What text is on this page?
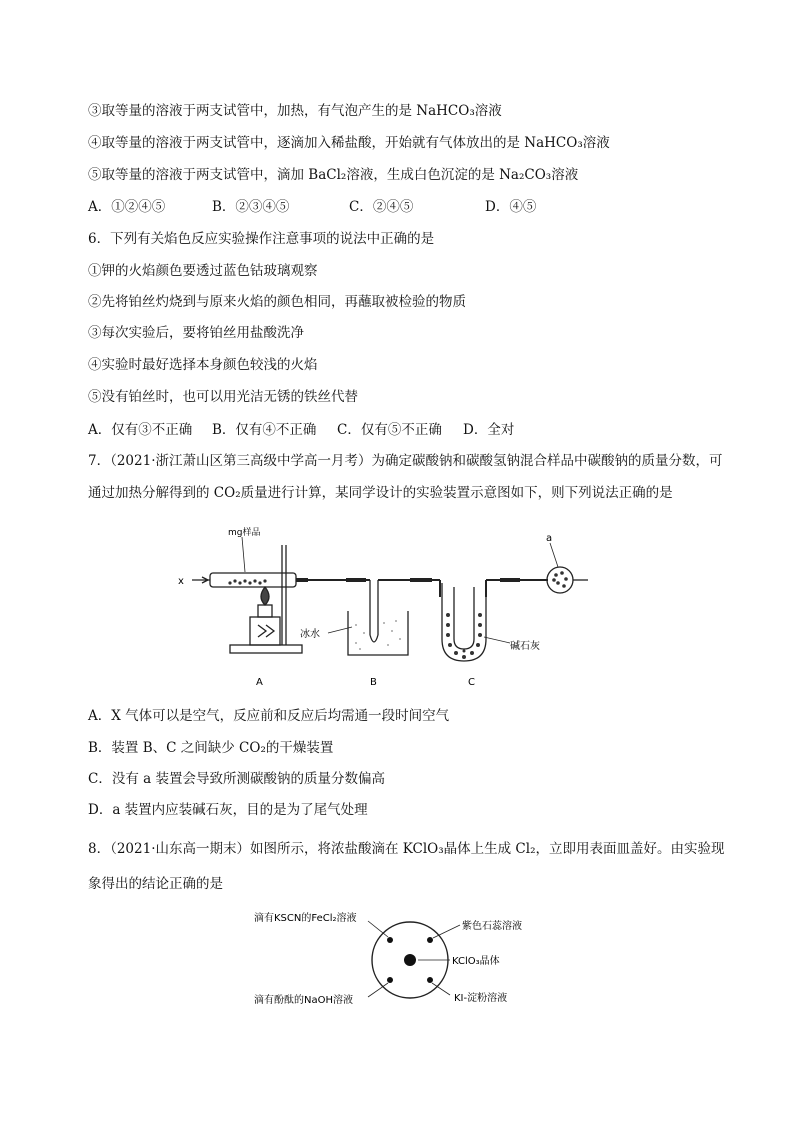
③取等量的溶液于两支试管中，加热，有气泡产生的是 NaHCO₃溶液
④取等量的溶液于两支试管中，逐滴加入稀盐酸，开始就有气体放出的是 NaHCO₃溶液
⑤取等量的溶液于两支试管中，滴加 BaCl₂溶液，生成白色沉淀的是 Na₂CO₃溶液
A．①②④⑤	B．②③④⑤	C．②④⑤	D．④⑤
6．下列有关焰色反应实验操作注意事项的说法中正确的是
①钾的火焰颜色要透过蓝色钴玻璃观察
②先将铂丝灼烧到与原来火焰的颜色相同，再蘸取被检验的物质
③每次实验后，要将铂丝用盐酸洗净
④实验时最好选择本身颜色较浅的火焰
⑤没有铂丝时，也可以用光洁无锈的铁丝代替
A．仅有③不正确 B．仅有④不正确 C．仅有⑤不正确 D．全对
7．（2021·浙江萧山区第三高级中学高一月考）为确定碳酸钠和碳酸氢钠混合样品中碳酸钠的质量分数，可
通过加热分解得到的 CO₂质量进行计算，某同学设计的实验装置示意图如下，则下列说法正确的是
mg样品
x
冰水
碱石灰
a
A	B	C
A．X 气体可以是空气，反应前和反应后均需通一段时间空气
B．装置 B、C 之间缺少 CO₂的干燥装置
C．没有 a 装置会导致所测碳酸钠的质量分数偏高
D．a 装置内应装碱石灰，目的是为了尾气处理
8．（2021·山东高一期末）如图所示，将浓盐酸滴在 KClO₃晶体上生成 Cl₂，立即用表面皿盖好。由实验现
象得出的结论正确的是
滴有KSCN的FeCl₂溶液
紫色石蕊溶液
KClO₃晶体
滴有酚酞的NaOH溶液	KI-淀粉溶液
